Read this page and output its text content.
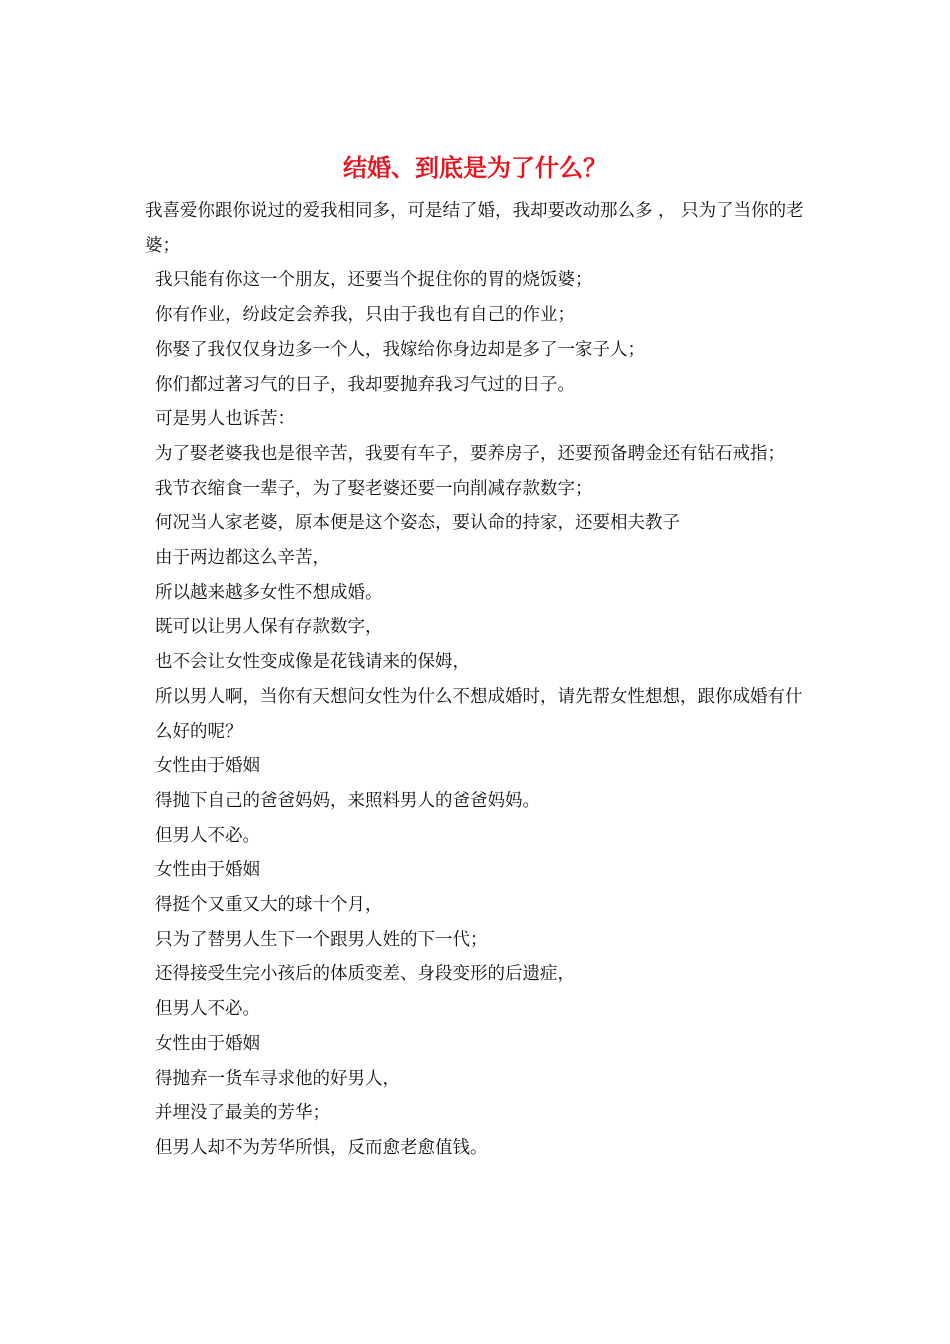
结婚、到底是为了什么？

我喜爱你跟你说过的爱我相同多，可是结了婚，我却要改动那么多 ， 只为了当你的老婆；

我只能有你这一个朋友，还要当个捉住你的胃的烧饭婆；

你有作业，纷歧定会养我，只由于我也有自己的作业；

你娶了我仅仅身边多一个人，我嫁给你身边却是多了一家子人；

你们都过著习气的日子，我却要抛弃我习气过的日子。

可是男人也诉苦：

为了娶老婆我也是很辛苦，我要有车子，要养房子，还要预备聘金还有钻石戒指；

我节衣缩食一辈子，为了娶老婆还要一向削减存款数字；

何况当人家老婆，原本便是这个姿态，要认命的持家，还要相夫教子

由于两边都这么辛苦，

所以越来越多女性不想成婚。

既可以让男人保有存款数字，

也不会让女性变成像是花钱请来的保姆，

所以男人啊，当你有天想问女性为什么不想成婚时，请先帮女性想想，跟你成婚有什么好的呢？

女性由于婚姻

得抛下自己的爸爸妈妈，来照料男人的爸爸妈妈。

但男人不必。

女性由于婚姻

得挺个又重又大的球十个月，

只为了替男人生下一个跟男人姓的下一代；

还得接受生完小孩后的体质变差、身段变形的后遗症，

但男人不必。

女性由于婚姻

得抛弃一货车寻求他的好男人，

并埋没了最美的芳华；

但男人却不为芳华所惧，反而愈老愈值钱。
